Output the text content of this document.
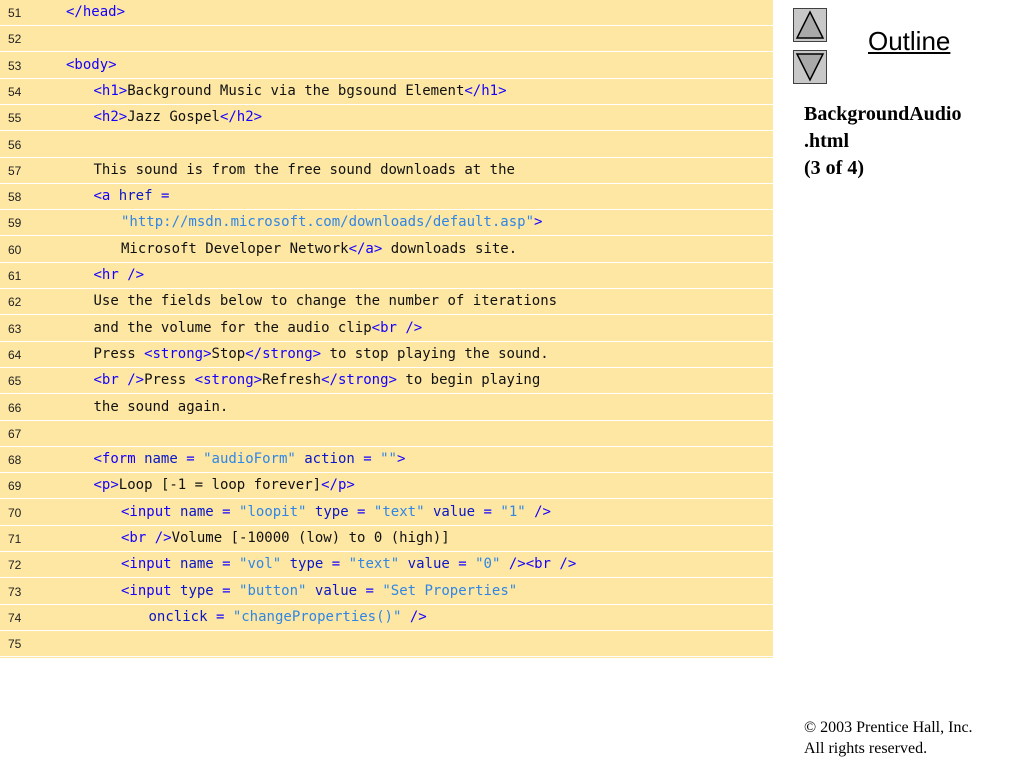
51	</head>
52
53	<body>
54	<h1>Background Music via the bgsound Element</h1>
55	<h2>Jazz Gospel</h2>
56
57	This sound is from the free sound downloads at the
58	<a href =
59	"http://msdn.microsoft.com/downloads/default.asp">
60	Microsoft Developer Network</a> downloads site.
61	<hr />
62	Use the fields below to change the number of iterations
63	and the volume for the audio clip<br />
64	Press <strong>Stop</strong> to stop playing the sound.
65	<br />Press <strong>Refresh</strong> to begin playing
66	the sound again.
67
68	<form name = "audioForm" action = "">
69	<p>Loop [-1 = loop forever]</p>
70	<input name = "loopit" type = "text" value = "1" />
71	<br />Volume [-10000 (low) to 0 (high)]
72	<input name = "vol" type = "text" value = "0" /><br />
73	<input type = "button" value = "Set Properties"
74	onclick = "changeProperties()" />
75
Outline
BackgroundAudio
.html
(3 of 4)
© 2003 Prentice Hall, Inc.
All rights reserved.
